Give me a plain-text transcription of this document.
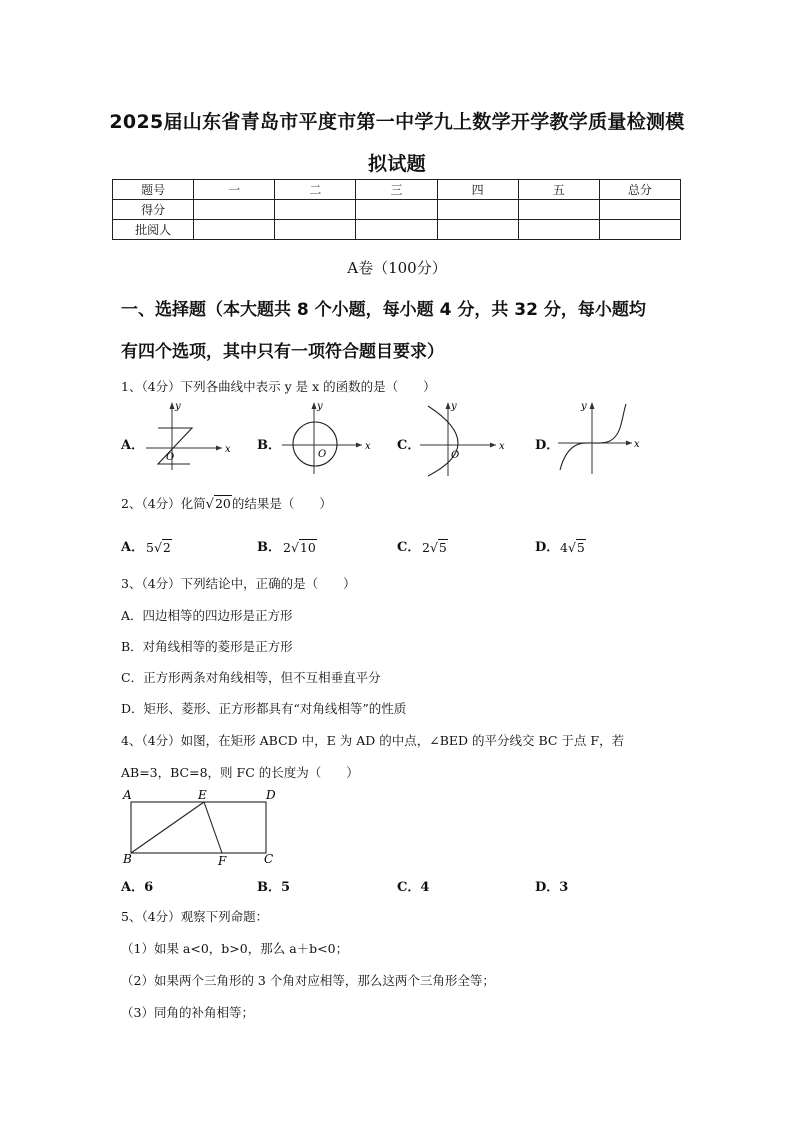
2025届山东省青岛市平度市第一中学九上数学开学教学质量检测模
拟试题
题号	一	二	三	四	五	总分
得分						
批阅人						
A卷（100分）
一、选择题（本大题共 8 个小题，每小题 4 分，共 32 分，每小题均
有四个选项，其中只有一项符合题目要求）
1、（4分）下列各曲线中表示 y 是 x 的函数的是（　　）
A．	x
y
O
B．	x
y
O
C．	x
y
O
D．	x
y
2、（4分）化简√20的结果是（　　）
A． 5√2	B． 2√10	C． 2√5	D． 4√5
3、（4分）下列结论中，正确的是（　　）
A．四边相等的四边形是正方形
B．对角线相等的菱形是正方形
C．正方形两条对角线相等，但不互相垂直平分
D．矩形、菱形、正方形都具有“对角线相等”的性质
4、（4分）如图，在矩形 ABCD 中，E 为 AD 的中点，∠BED 的平分线交 BC 于点 F，若
AB=3，BC=8，则 FC 的长度为（　　）
A	E	D
B	F	C
A．6	B．5	C．4	D．3
5、（4分）观察下列命题：
（1）如果 a<0，b>0，那么 a＋b<0；
（2）如果两个三角形的 3 个角对应相等，那么这两个三角形全等；
（3）同角的补角相等；
